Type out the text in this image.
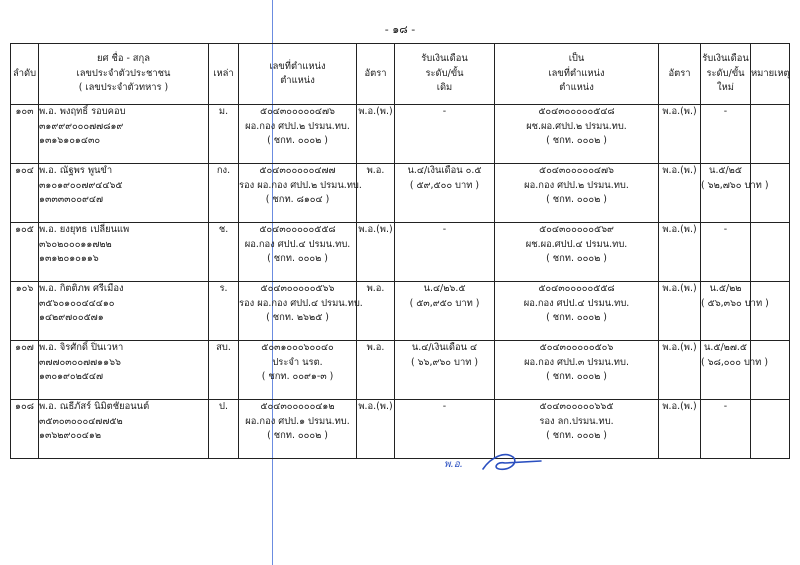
- ๑๘ -
ลำดับ	ยศ ชื่อ - สกุล
เลขประจำตัวประชาชน
( เลขประจำตัวทหาร )	เหล่า	เลขที่ตำแหน่ง
ตำแหน่ง	อัตรา	รับเงินเดือน
ระดับ/ขั้น
เดิม	เป็น
เลขที่ตำแหน่ง
ตำแหน่ง	อัตรา	รับเงินเดือน
ระดับ/ขั้น
ใหม่	หมายเหตุ

๑๐๓	พ.อ. พงฤทธิ์ รอบคอบ
๓๑๙๙๙๐๐๐๗๗๘๑๙
๑๓๑๖๑๐๑๔๓๐	ม.	๕๐๔๓๐๐๐๐๐๔๗๖
ผอ.กอง ศปป.๒ ปรมน.ทบ.
( ชกท. ๐๐๐๒ )	พ.อ.(พ.)	-	๕๐๔๓๐๐๐๐๐๕๔๘
ผช.ผอ.ศปป.๒ ปรมน.ทบ.
( ชกท. ๐๐๐๒ )	พ.อ.(พ.)	-	

๑๐๔	พ.อ. ณัฐพร พูนขำ
๓๑๐๑๙๐๐๗๙๔๔๖๕
๑๓๓๓๓๐๐๙๔๗	กง.	๕๐๔๓๐๐๐๐๐๔๗๗
รอง ผอ.กอง ศปป.๒ ปรมน.ทบ.
( ชกท. ๘๑๐๔ )	พ.อ.	น.๔/เงินเดือน ๐.๕
( ๕๙,๕๐๐ บาท )	๕๐๔๓๐๐๐๐๐๔๗๖
ผอ.กอง ศปป.๒ ปรมน.ทบ.
( ชกท. ๐๐๐๒ )	พ.อ.(พ.)	น.๕/๒๕
( ๖๒,๗๖๐ บาท )	

๑๐๕	พ.อ. ยงยุทธ เปลี่ยนแพ
๓๖๐๒๐๐๐๑๑๗๒๒
๑๓๑๒๐๑๐๑๑๖	ช.	๕๐๔๓๐๐๐๐๐๕๕๘
ผอ.กอง ศปป.๔ ปรมน.ทบ.
( ชกท. ๐๐๐๒ )	พ.อ.(พ.)	-	๕๐๔๓๐๐๐๐๐๕๖๙
ผช.ผอ.ศปป.๔ ปรมน.ทบ.
( ชกท. ๐๐๐๒ )	พ.อ.(พ.)	-	

๑๐๖	พ.อ. กิตติภพ ศรีเมือง
๓๕๖๐๑๐๐๔๔๔๑๐
๑๔๒๙๗๐๐๕๗๑	ร.	๕๐๔๓๐๐๐๐๐๕๖๖
รอง ผอ.กอง ศปป.๔ ปรมน.ทบ.
( ชกท. ๒๖๒๕ )	พ.อ.	น.๔/๒๖.๕
( ๕๓,๙๕๐ บาท )	๕๐๔๓๐๐๐๐๐๕๕๘
ผอ.กอง ศปป.๔ ปรมน.ทบ.
( ชกท. ๐๐๐๒ )	พ.อ.(พ.)	น.๕/๒๒
( ๕๖,๓๖๐ บาท )	

๑๐๗	พ.อ. จิรศักดิ์ ปิ่นเวหา
๓๗๗๐๓๐๐๗๗๑๑๖๖
๑๓๐๑๙๐๒๕๔๗	สบ.	๕๐๓๑๐๐๐๖๐๐๔๐
ประจำ นรต.
( ชกท. ๐๐๙๑-๓ )	พ.อ.	น.๔/เงินเดือน ๔
( ๖๖,๙๖๐ บาท )	๕๐๔๓๐๐๐๐๐๕๐๖
ผอ.กอง ศปป.๓ ปรมน.ทบ.
( ชกท. ๐๐๐๒ )	พ.อ.(พ.)	น.๕/๒๗.๕
( ๖๘,๐๐๐ บาท )	

๑๐๘	พ.อ. ณธีภัสร์ นิมิตชัยอนนต์
๓๕๓๐๓๐๐๐๔๗๗๕๒
๑๓๖๒๙๐๐๔๑๒	ป.	๕๐๔๓๐๐๐๐๐๔๑๒
ผอ.กอง ศปป.๑ ปรมน.ทบ.
( ชกท. ๐๐๐๒ )	พ.อ.(พ.)	-	๕๐๔๓๐๐๐๐๐๖๖๕
รอง ลก.ปรมน.ทบ.
( ชกท. ๐๐๐๒ )	พ.อ.(พ.)	-	

พ.อ.
